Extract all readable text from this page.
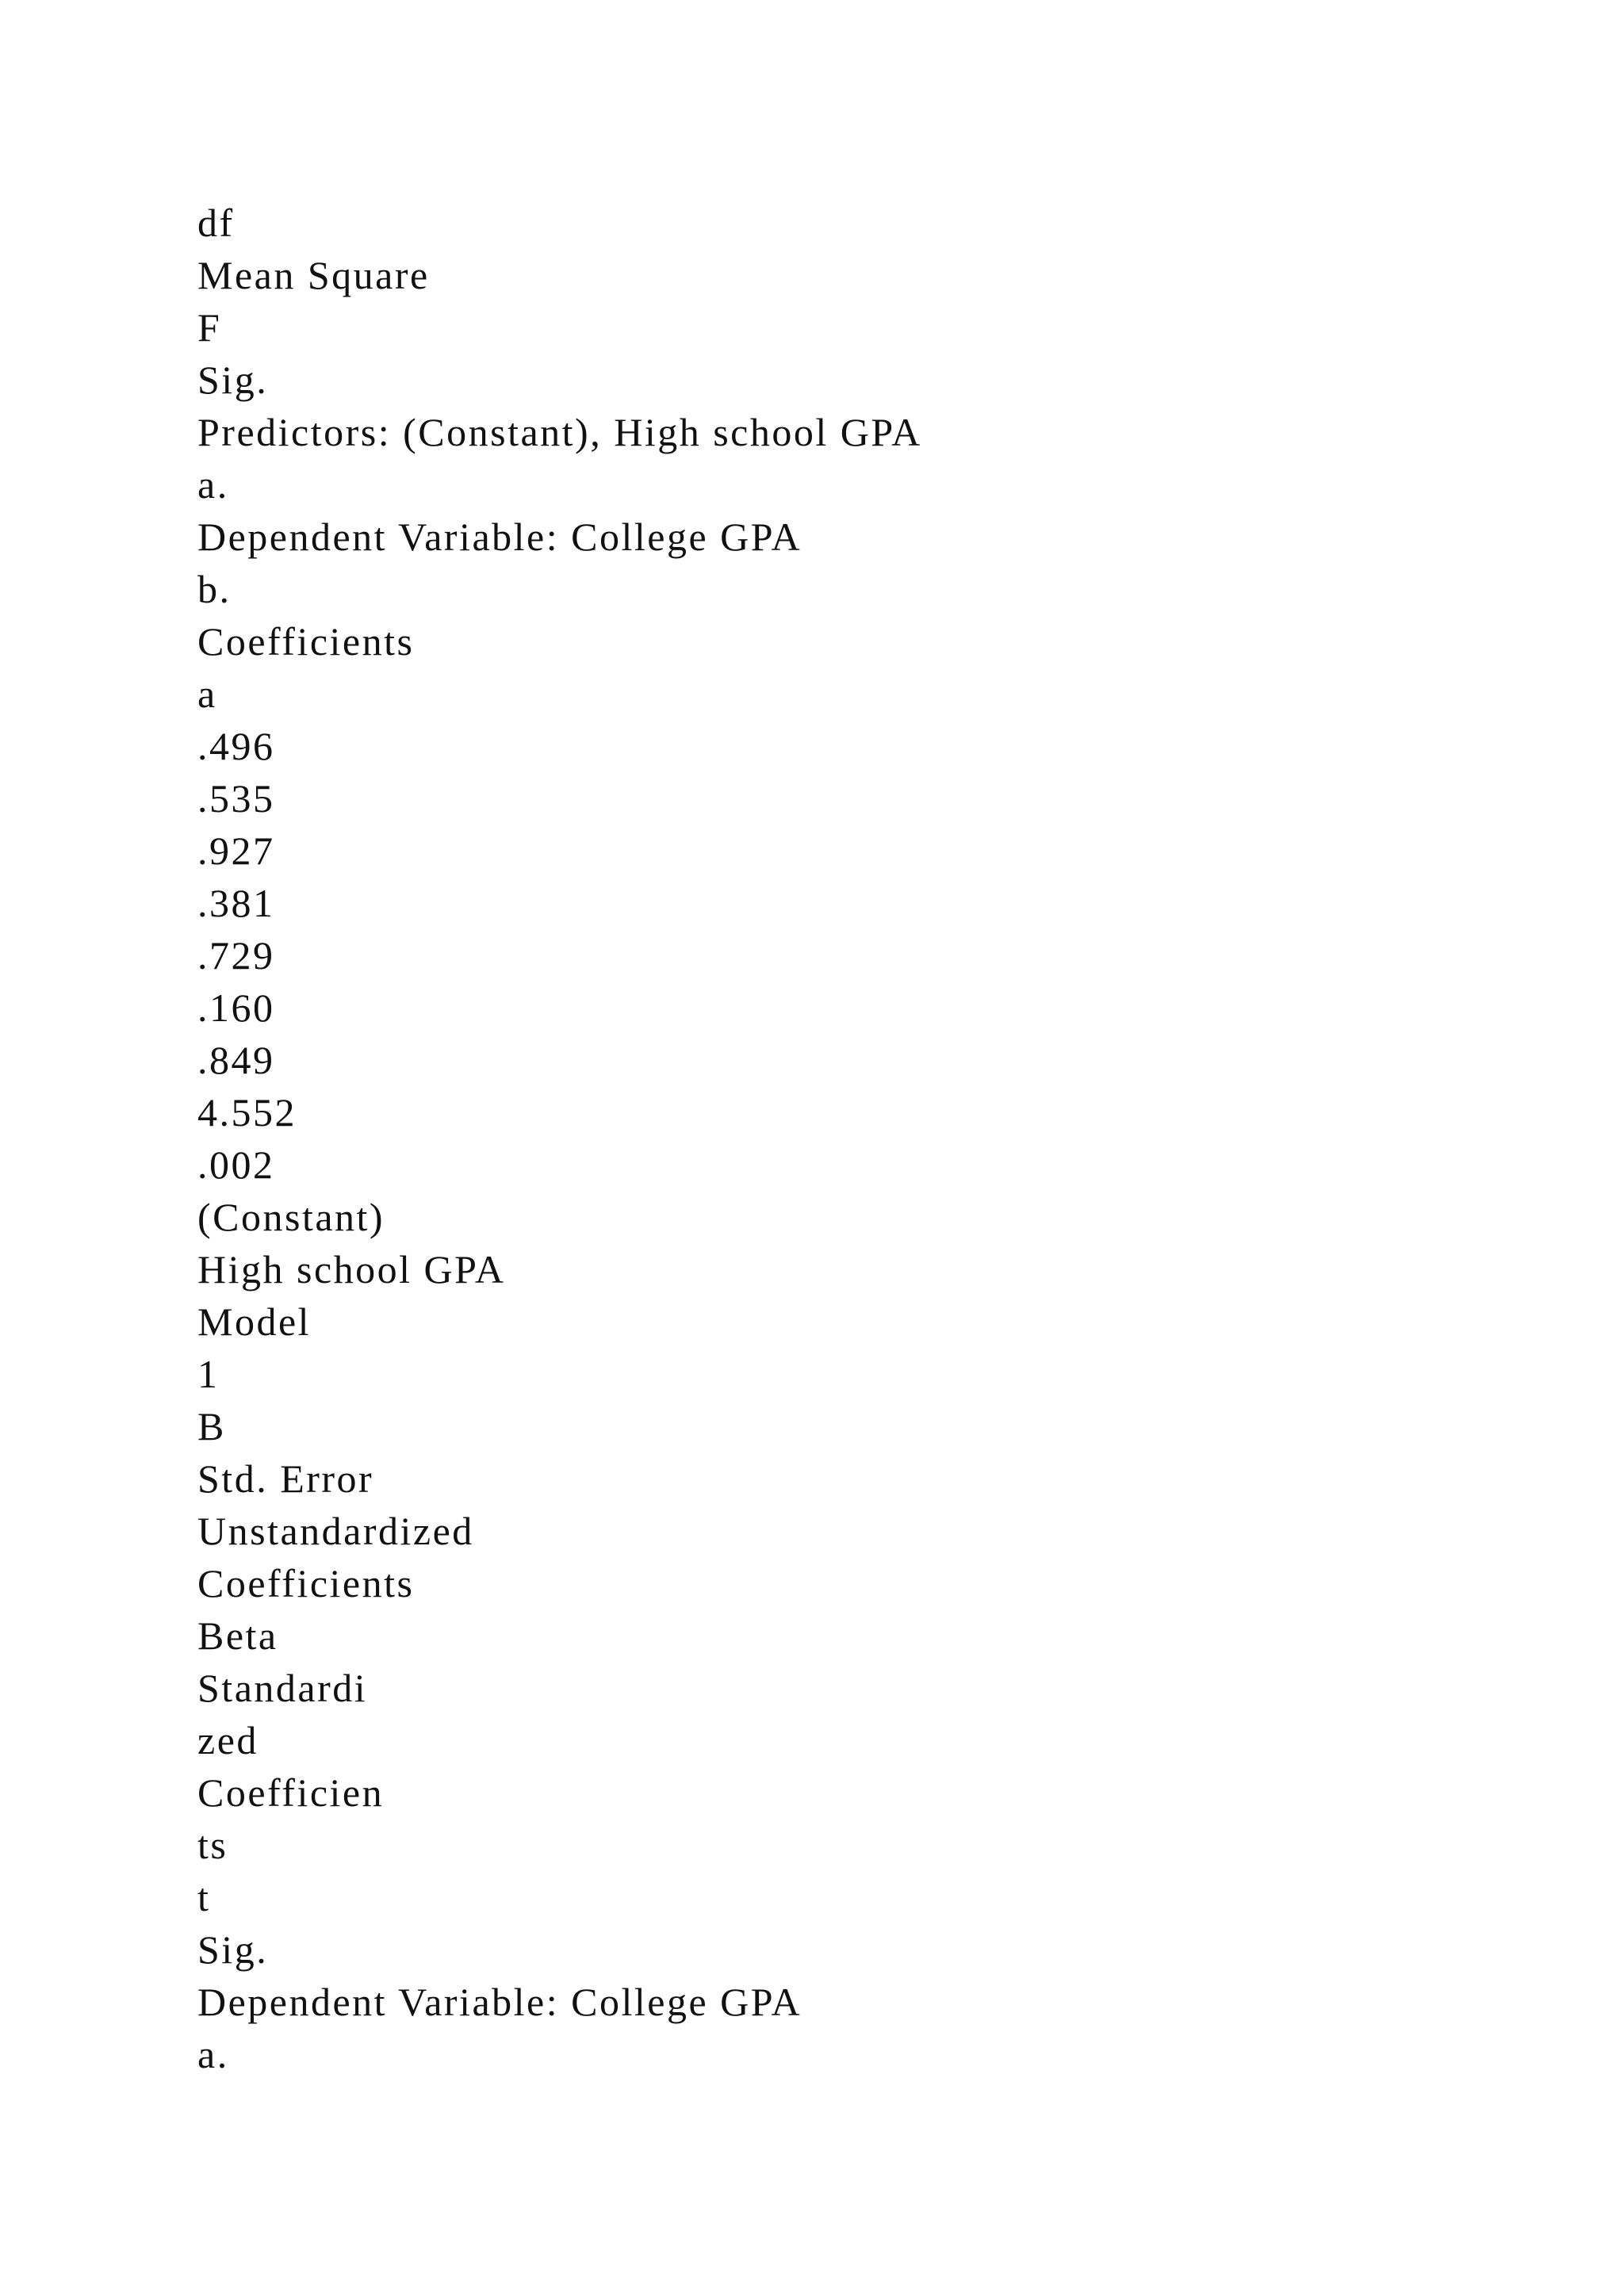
df

Mean Square

F

Sig.

Predictors: (Constant), High school GPA

a.

Dependent Variable: College GPA

b.

Coefficients

a

.496

.535

.927

.381

.729

.160

.849

4.552

.002

(Constant)

High school GPA

Model

1

B

Std. Error

Unstandardized

Coefficients

Beta

Standardi

zed

Coefficien

ts

t

Sig.

Dependent Variable: College GPA

a.
